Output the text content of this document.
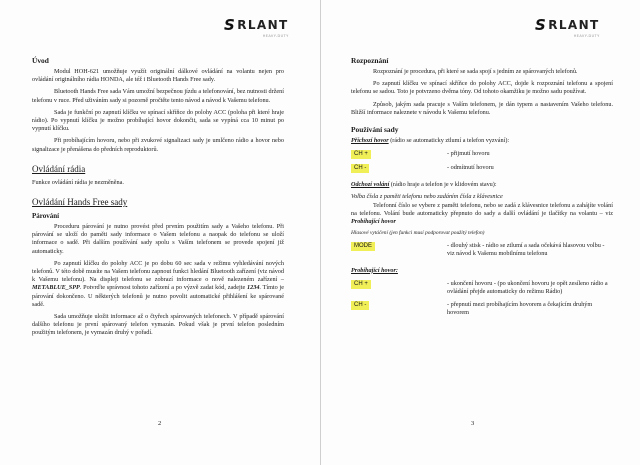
S RLANT
HEAVY-DUTY
Úvod

Modul HOH-621 umožňuje využít originální dálkové ovládání na volantu nejen pro ovládání originálního rádia HONDA, ale též i Bluetooth Hands Free sady.

Bluetooth Hands Free sada Vám umožní bezpečnou jízdu a telefonování, bez nutnosti držení telefonu v ruce. Před uživáním sady si pozorně pročtěte tento návod a návod k Vašemu telefonu.

Sada je funkční po zapnutí klíčku ve spínací skříňce do polohy ACC (poloha při které hraje rádio). Po vypnutí klíčku je možno probíhající hovor dokončit, sada se vypíná cca 10 minut po vypnutí klíčku.

Při probíhajícím hovoru, nebo při zvukové signalizaci sady je umlčeno rádio a hovor nebo signalizace je přenášena do předních reproduktorů.

Ovládání rádia

Funkce ovládání rádia je nezměněna.

Ovládání Hands Free sady
Párování

Proceduru párování je nutno provést před prvním použitím sady a Vašeho telefonu. Při párování se uloží do paměti sady informace o Vašem telefonu a naopak do telefonu se uloží informace o sadě. Při dalším používání sady spolu s Vaším telefonem se provede spojení již automaticky.

Po zapnutí klíčku do polohy ACC je po dobu 60 sec sada v režimu vyhledávání nových telefonů. V této době musíte na Vašem telefonu zapnout funkci hledání Bluetooth zařízení (viz návod k Vašemu telefonu). Na displeji telefonu se zobrazí informace o nově nalezeném zařízení – METABLUE_SPP. Potvrďte správnost tohoto zařízení a po výzvě zadat kód, zadejte 1234. Tímto je párování dokončeno. U některých telefonů je nutno povolit automatické přihlášení ke spárované sadě.

Sada umožňuje uložit informace až o čtyřech spárovaných telefonech. V případě spárování dalšího telefonu je první spárovaný telefon vymazán. Pokud však je první telefon posledním použitým telefonem, je vymazán druhý v pořadí.

2
S RLANT
HEAVY-DUTY
Rozpoznání

Rozpoznání je procedura, při které se sada spojí s jedním ze spárovaných telefonů.

Po zapnutí klíčku ve spínací skříňce do polohy ACC, dojde k rozpoznání telefonu a spojení telefonu se sadou. Toto je potvrzeno dvěma tóny. Od tohoto okamžiku je možno sadu používat.

Způsob, jakým sada pracuje s Vaším telefonem, je dán typem a nastavením Vašeho telefonu. Bližší informace naleznete v návodu k Vašemu telefonu.

Používání sady

Příchozí hovor (rádio se automaticky ztlumí a telefon vyzvání):

CH +	- přijmutí hovoru
CH -	- odmítnutí hovoru

Odchozí volání (rádio hraje a telefon je v klidovém stavu):

Volba čísla z paměti telefonu nebo zadáním čísla z klávesnice

Telefonní číslo se vybere z paměti telefonu, nebo se zadá z klávesnice telefonu a zahájíte volání na telefonu. Volání bude automaticky přepnuto do sady a další ovládání je tlačítky na volantu – viz Probíhající hovor

Hlasové vytáčení (jen funkci musí podporovat použitý telefon)

MODE	- dlouhý stisk - rádio se ztlumí a sada očekává hlasovou volbu - viz návod k Vašemu mobilnímu telefonu

Probíhající hovor:

CH +	- ukončení hovoru - (po ukončení hovoru je opět zesíleno rádio a ovládání přejde automaticky do režimu Rádio)
CH -	- přepnutí mezi probíhajícím hovorem a čekajícím druhým hovorem
3
